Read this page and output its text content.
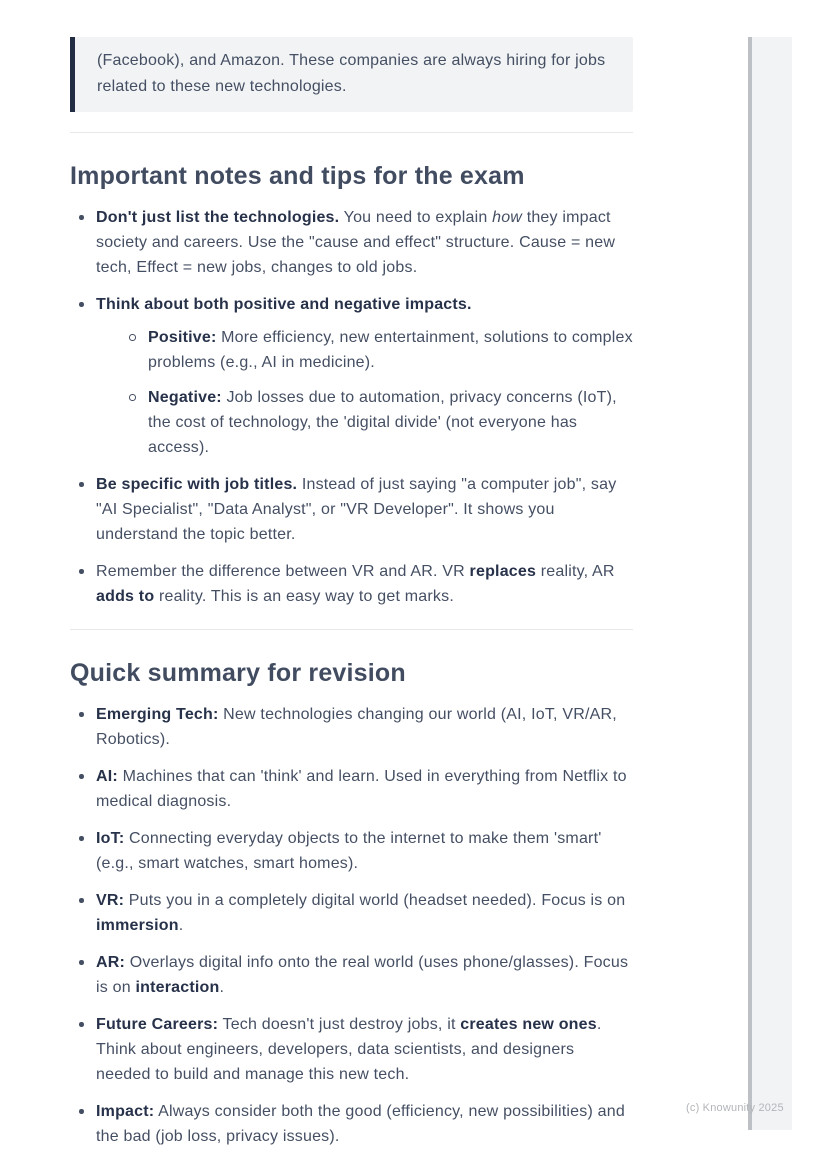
(Facebook), and Amazon. These companies are always hiring for jobs related to these new technologies.

Important notes and tips for the exam
Don't just list the technologies. You need to explain how they impact society and careers. Use the "cause and effect" structure. Cause = new tech, Effect = new jobs, changes to old jobs.
Think about both positive and negative impacts.
Positive: More efficiency, new entertainment, solutions to complex problems (e.g., AI in medicine).
Negative: Job losses due to automation, privacy concerns (IoT), the cost of technology, the 'digital divide' (not everyone has access).
Be specific with job titles. Instead of just saying "a computer job", say "AI Specialist", "Data Analyst", or "VR Developer". It shows you understand the topic better.
Remember the difference between VR and AR. VR replaces reality, AR adds to reality. This is an easy way to get marks.
Quick summary for revision
Emerging Tech: New technologies changing our world (AI, IoT, VR/AR, Robotics).
AI: Machines that can 'think' and learn. Used in everything from Netflix to medical diagnosis.
IoT: Connecting everyday objects to the internet to make them 'smart' (e.g., smart watches, smart homes).
VR: Puts you in a completely digital world (headset needed). Focus is on immersion.
AR: Overlays digital info onto the real world (uses phone/glasses). Focus is on interaction.
Future Careers: Tech doesn't just destroy jobs, it creates new ones. Think about engineers, developers, data scientists, and designers needed to build and manage this new tech.
Impact: Always consider both the good (efficiency, new possibilities) and the bad (job loss, privacy issues).
(c) Knowunity 2025
